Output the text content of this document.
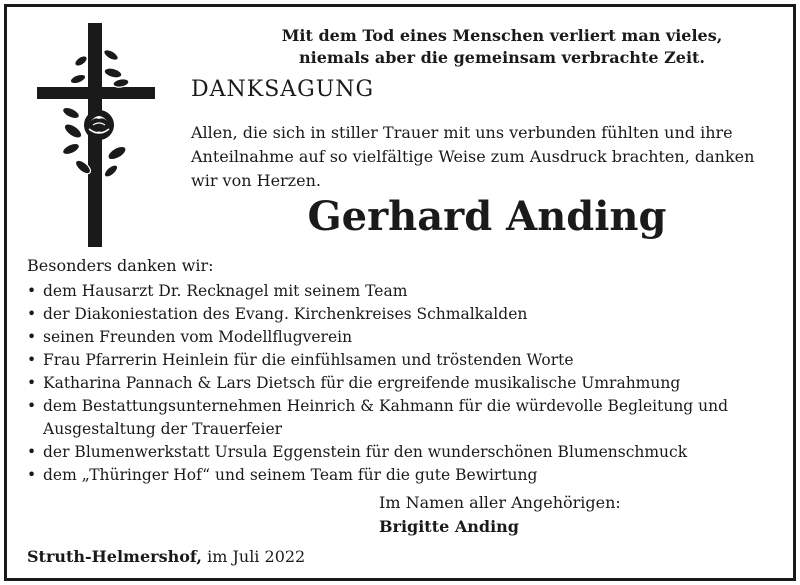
Mit dem Tod eines Menschen verliert man vieles,
niemals aber die gemeinsam verbrachte Zeit.
DANKSAGUNG
Allen, die sich in stiller Trauer mit uns verbunden fühlten und ihre Anteilnahme auf so vielfältige Weise zum Ausdruck brachten, danken wir von Herzen.
Gerhard Anding
Besonders danken wir:
• dem Hausarzt Dr. Recknagel mit seinem Team
• der Diakoniestation des Evang. Kirchenkreises Schmalkalden
• seinen Freunden vom Modellflugverein
• Frau Pfarrerin Heinlein für die einfühlsamen und tröstenden Worte
• Katharina Pannach & Lars Dietsch für die ergreifende musikalische Umrahmung
• dem Bestattungsunternehmen Heinrich & Kahmann für die würdevolle Begleitung und Ausgestaltung der Trauerfeier
• der Blumenwerkstatt Ursula Eggenstein für den wunderschönen Blumenschmuck
• dem „Thüringer Hof“ und seinem Team für die gute Bewirtung
Im Namen aller Angehörigen:
Brigitte Anding
Struth-Helmershof, im Juli 2022
